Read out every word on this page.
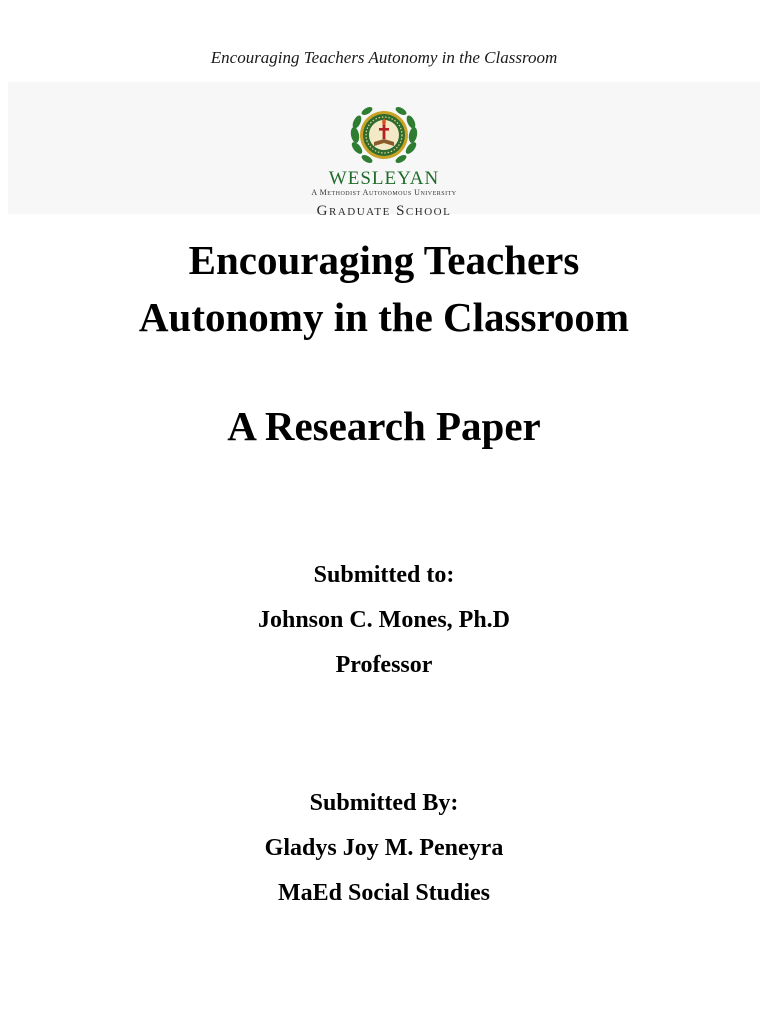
Encouraging Teachers Autonomy in the Classroom
WESLEYAN
A Methodist Autonomous University
Graduate School
Encouraging Teachers
Autonomy in the Classroom
A Research Paper
Submitted to:
Johnson C. Mones, Ph.D
Professor
Submitted By:
Gladys Joy M. Peneyra
MaEd Social Studies
